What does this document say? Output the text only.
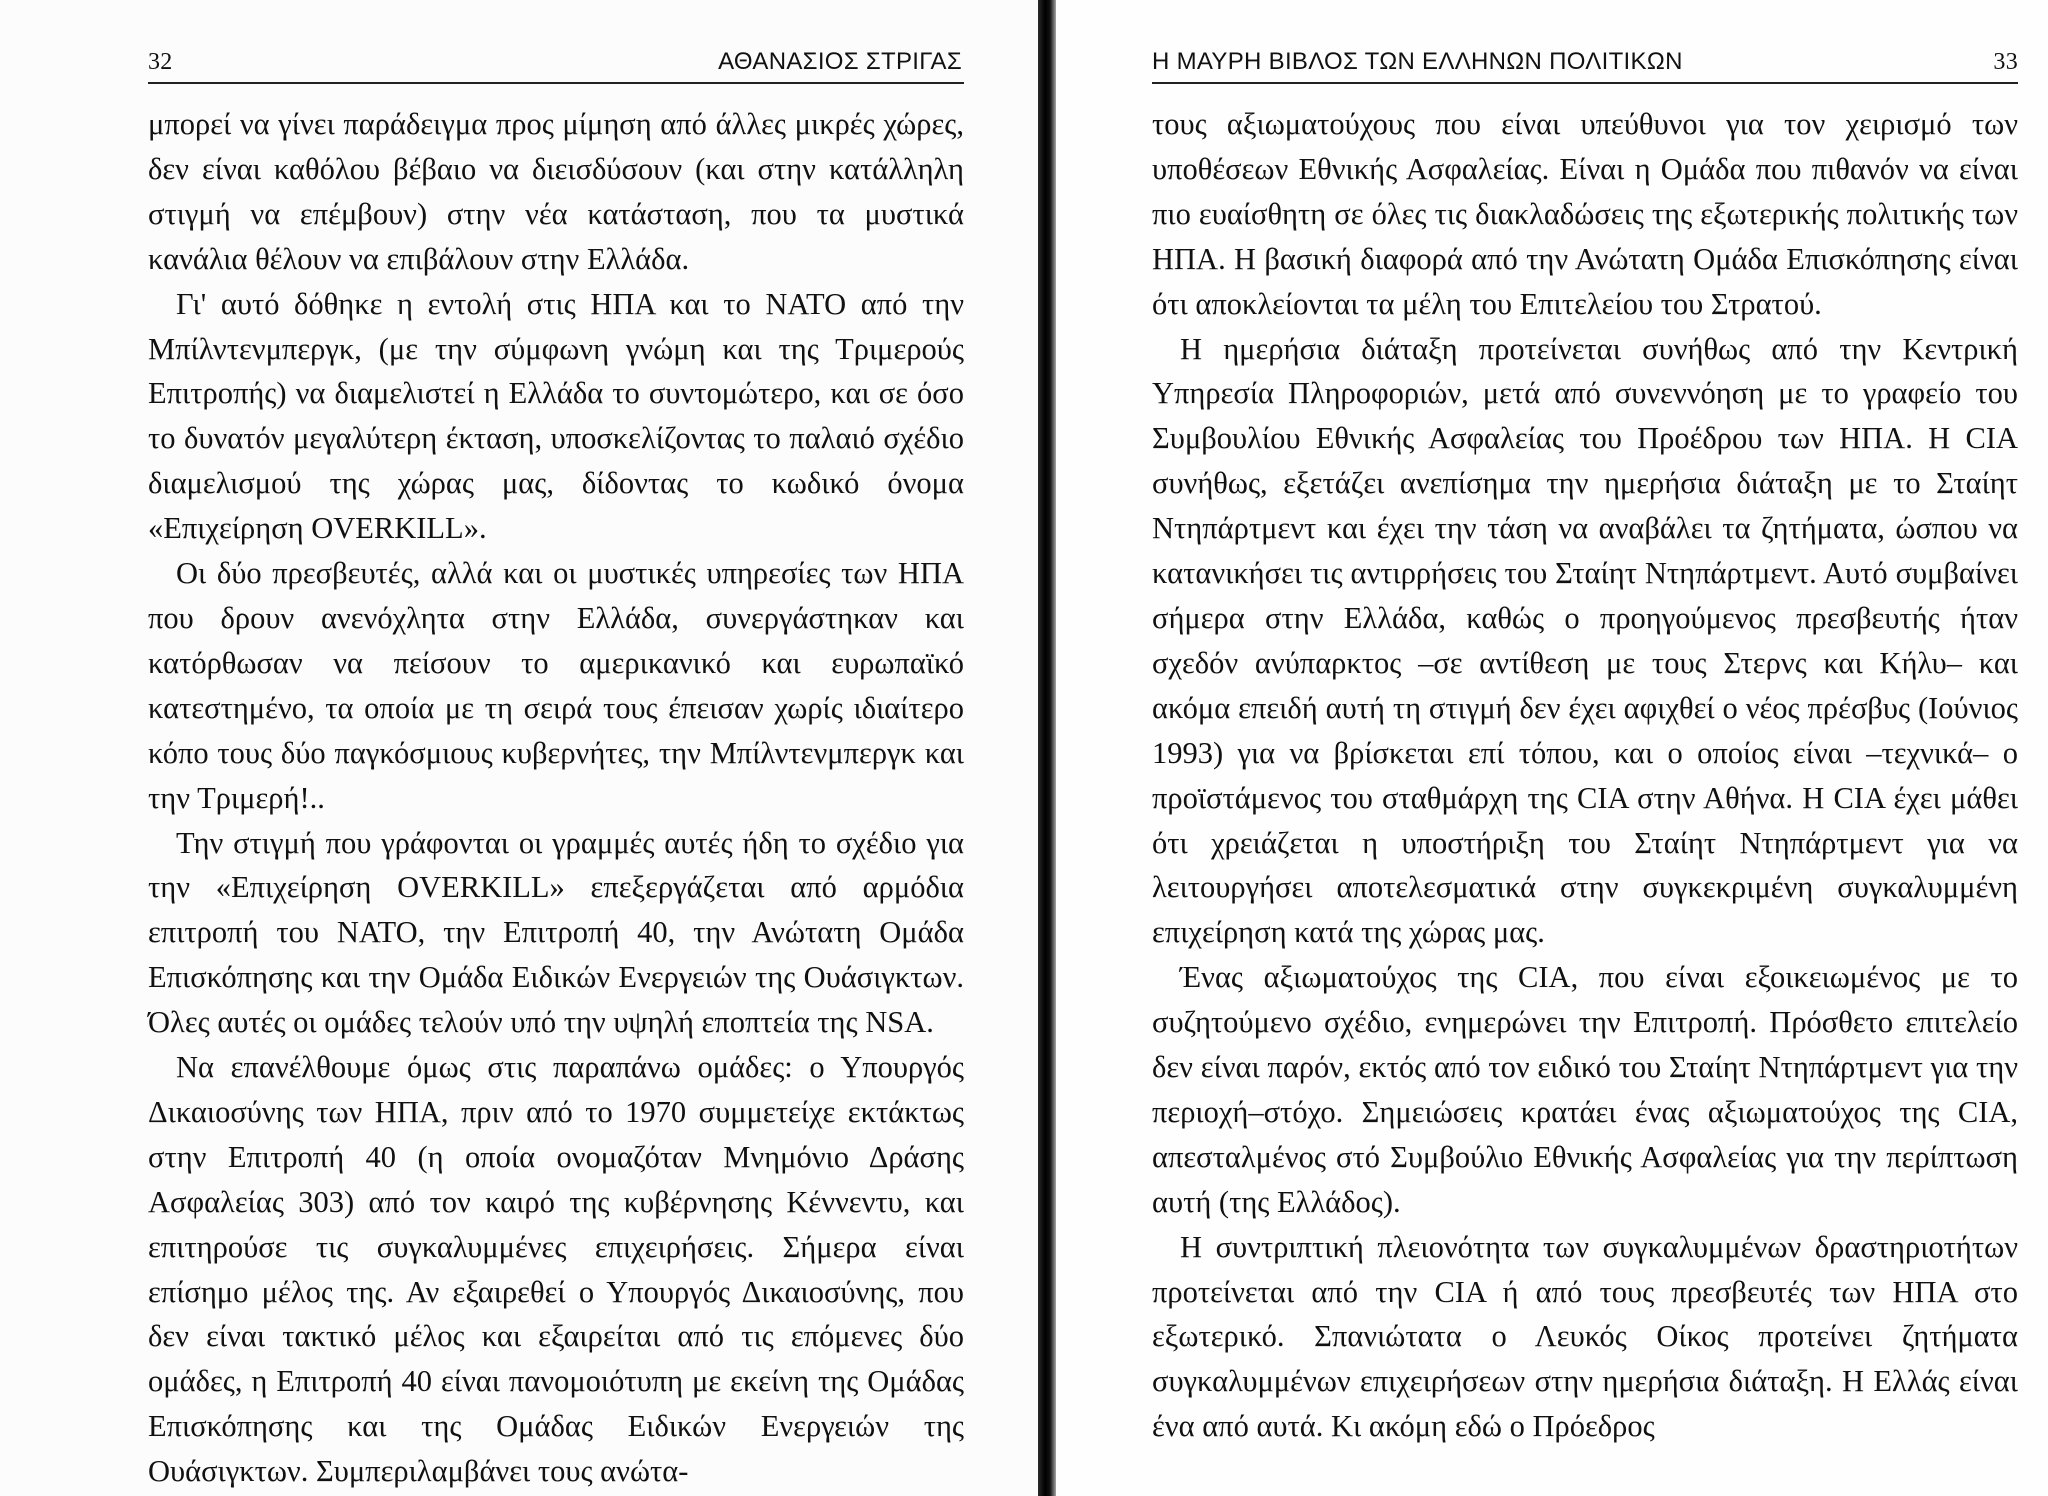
32	ΑΘΑΝΑΣΙΟΣ ΣΤΡΙΓΑΣ

μπορεί να γίνει παράδειγμα προς μίμηση από άλλες μικρές χώρες, δεν είναι καθόλου βέβαιο να διεισδύσουν (και στην κατάλληλη στιγμή να επέμβουν) στην νέα κατάσταση, που τα μυστικά κανάλια θέλουν να επιβάλουν στην Ελλάδα.

Γι' αυτό δόθηκε η εντολή στις ΗΠΑ και το ΝΑΤΟ από την Μπίλντενμπεργκ, (με την σύμφωνη γνώμη και της Τριμερούς Επιτροπής) να διαμελιστεί η Ελλάδα το συντομώτερο, και σε όσο το δυνατόν μεγαλύτερη έκταση, υποσκελίζοντας το παλαιό σχέδιο διαμελισμού της χώρας μας, δίδοντας το κωδικό όνομα «Επιχείρηση OVERKILL».

Οι δύο πρεσβευτές, αλλά και οι μυστικές υπηρεσίες των ΗΠΑ που δρουν ανενόχλητα στην Ελλάδα, συνεργάστηκαν και κατόρθωσαν να πείσουν το αμερικανικό και ευρωπαϊκό κατεστημένο, τα οποία με τη σειρά τους έπεισαν χωρίς ιδιαίτερο κόπο τους δύο παγκόσμιους κυβερνήτες, την Μπίλντενμπεργκ και την Τριμερή!..

Την στιγμή που γράφονται οι γραμμές αυτές ήδη το σχέδιο για την «Επιχείρηση OVERKILL» επεξεργάζεται από αρμόδια επιτροπή του ΝΑΤΟ, την Επιτροπή 40, την Ανώτατη Ομάδα Επισκόπησης και την Ομάδα Ειδικών Ενεργειών της Ουάσιγκτων. Όλες αυτές οι ομάδες τελούν υπό την υψηλή εποπτεία της NSA.

Να επανέλθουμε όμως στις παραπάνω ομάδες: ο Υπουργός Δικαιοσύνης των ΗΠΑ, πριν από το 1970 συμμετείχε εκτάκτως στην Επιτροπή 40 (η οποία ονομαζόταν Μνημόνιο Δράσης Ασφαλείας 303) από τον καιρό της κυβέρνησης Κέννεντυ, και επιτηρούσε τις συγκαλυμμένες επιχειρήσεις. Σήμερα είναι επίσημο μέλος της. Αν εξαιρεθεί ο Υπουργός Δικαιοσύνης, που δεν είναι τακτικό μέλος και εξαιρείται από τις επόμενες δύο ομάδες, η Επιτροπή 40 είναι πανομοιότυπη με εκείνη της Ομάδας Επισκόπησης και της Ομάδας Ειδικών Ενεργειών της Ουάσιγκτων. Συμπεριλαμβάνει τους ανώτα-

Η ΜΑΥΡΗ ΒΙΒΛΟΣ ΤΩΝ ΕΛΛΗΝΩΝ ΠΟΛΙΤΙΚΩΝ	33

τους αξιωματούχους που είναι υπεύθυνοι για τον χειρισμό των υποθέσεων Εθνικής Ασφαλείας. Είναι η Ομάδα που πιθανόν να είναι πιο ευαίσθητη σε όλες τις διακλαδώσεις της εξωτερικής πολιτικής των ΗΠΑ. Η βασική διαφορά από την Ανώτατη Ομάδα Επισκόπησης είναι ότι αποκλείονται τα μέλη του Επιτελείου του Στρατού.

Η ημερήσια διάταξη προτείνεται συνήθως από την Κεντρική Υπηρεσία Πληροφοριών, μετά από συνεννόηση με το γραφείο του Συμβουλίου Εθνικής Ασφαλείας του Προέδρου των ΗΠΑ. Η CIA συνήθως, εξετάζει ανεπίσημα την ημερήσια διάταξη με το Σταίητ Ντηπάρτμεντ και έχει την τάση να αναβάλει τα ζητήματα, ώσπου να κατανικήσει τις αντιρρήσεις του Σταίητ Ντηπάρτμεντ. Αυτό συμβαίνει σήμερα στην Ελλάδα, καθώς ο προηγούμενος πρεσβευτής ήταν σχεδόν ανύπαρκτος –σε αντίθεση με τους Στερνς και Κήλυ– και ακόμα επειδή αυτή τη στιγμή δεν έχει αφιχθεί ο νέος πρέσβυς (Ιούνιος 1993) για να βρίσκεται επί τόπου, και ο οποίος είναι –τεχνικά– ο προϊστάμενος του σταθμάρχη της CIA στην Αθήνα. Η CIA έχει μάθει ότι χρειάζεται η υποστήριξη του Σταίητ Ντηπάρτμεντ για να λειτουργήσει αποτελεσματικά στην συγκεκριμένη συγκαλυμμένη επιχείρηση κατά της χώρας μας.

Ένας αξιωματούχος της CIA, που είναι εξοικειωμένος με το συζητούμενο σχέδιο, ενημερώνει την Επιτροπή. Πρόσθετο επιτελείο δεν είναι παρόν, εκτός από τον ειδικό του Σταίητ Ντηπάρτμεντ για την περιοχή–στόχο. Σημειώσεις κρατάει ένας αξιωματούχος της CIA, απεσταλμένος στό Συμβούλιο Εθνικής Ασφαλείας για την περίπτωση αυτή (της Ελλάδος).

Η συντριπτική πλειονότητα των συγκαλυμμένων δραστηριοτήτων προτείνεται από την CIA ή από τους πρεσβευτές των ΗΠΑ στο εξωτερικό. Σπανιώτατα ο Λευκός Οίκος προτείνει ζητήματα συγκαλυμμένων επιχειρήσεων στην ημερήσια διάταξη. Η Ελλάς είναι ένα από αυτά. Κι ακόμη εδώ ο Πρόεδρος
